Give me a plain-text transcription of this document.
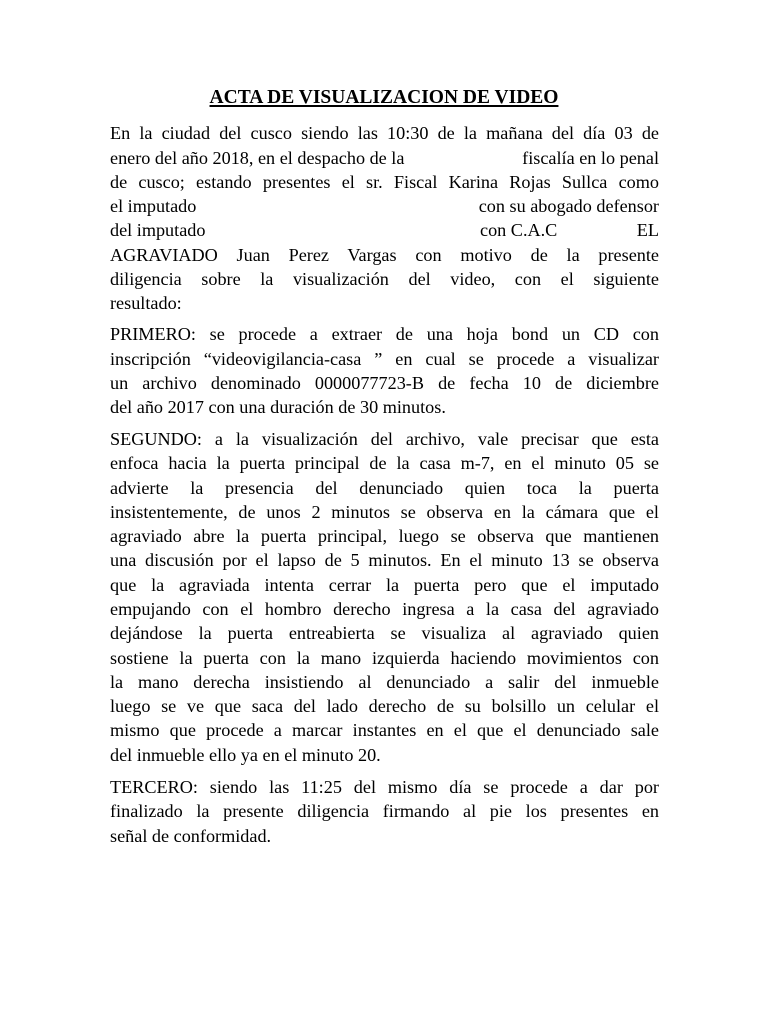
ACTA DE VISUALIZACION DE VIDEO
En la ciudad del cusco siendo las 10:30 de la mañana del día 03 de
enero del año 2018, en el despacho de la	fiscalía en lo penal
de cusco; estando presentes el sr. Fiscal Karina Rojas Sullca como
el imputado	con su abogado defensor
del imputado	con C.A.C	EL
AGRAVIADO Juan Perez Vargas con motivo de la presente
diligencia sobre la visualización del video, con el siguiente
resultado:
PRIMERO: se procede a extraer de una hoja bond un CD con
inscripción “videovigilancia-casa ” en cual se procede a visualizar
un archivo denominado 0000077723-B de fecha 10 de diciembre
del año 2017 con una duración de 30 minutos.
SEGUNDO: a la visualización del archivo, vale precisar que esta
enfoca hacia la puerta principal de la casa m-7, en el minuto 05 se
advierte la presencia del denunciado quien toca la puerta
insistentemente, de unos 2 minutos se observa en la cámara que el
agraviado abre la puerta principal, luego se observa que mantienen
una discusión por el lapso de 5 minutos. En el minuto 13 se observa
que la agraviada intenta cerrar la puerta pero que el imputado
empujando con el hombro derecho ingresa a la casa del agraviado
dejándose la puerta entreabierta se visualiza al agraviado quien
sostiene la puerta con la mano izquierda haciendo movimientos con
la mano derecha insistiendo al denunciado a salir del inmueble
luego se ve que saca del lado derecho de su bolsillo un celular el
mismo que procede a marcar instantes en el que el denunciado sale
del inmueble ello ya en el minuto 20.
TERCERO: siendo las 11:25 del mismo día se procede a dar por
finalizado la presente diligencia firmando al pie los presentes en
señal de conformidad.
